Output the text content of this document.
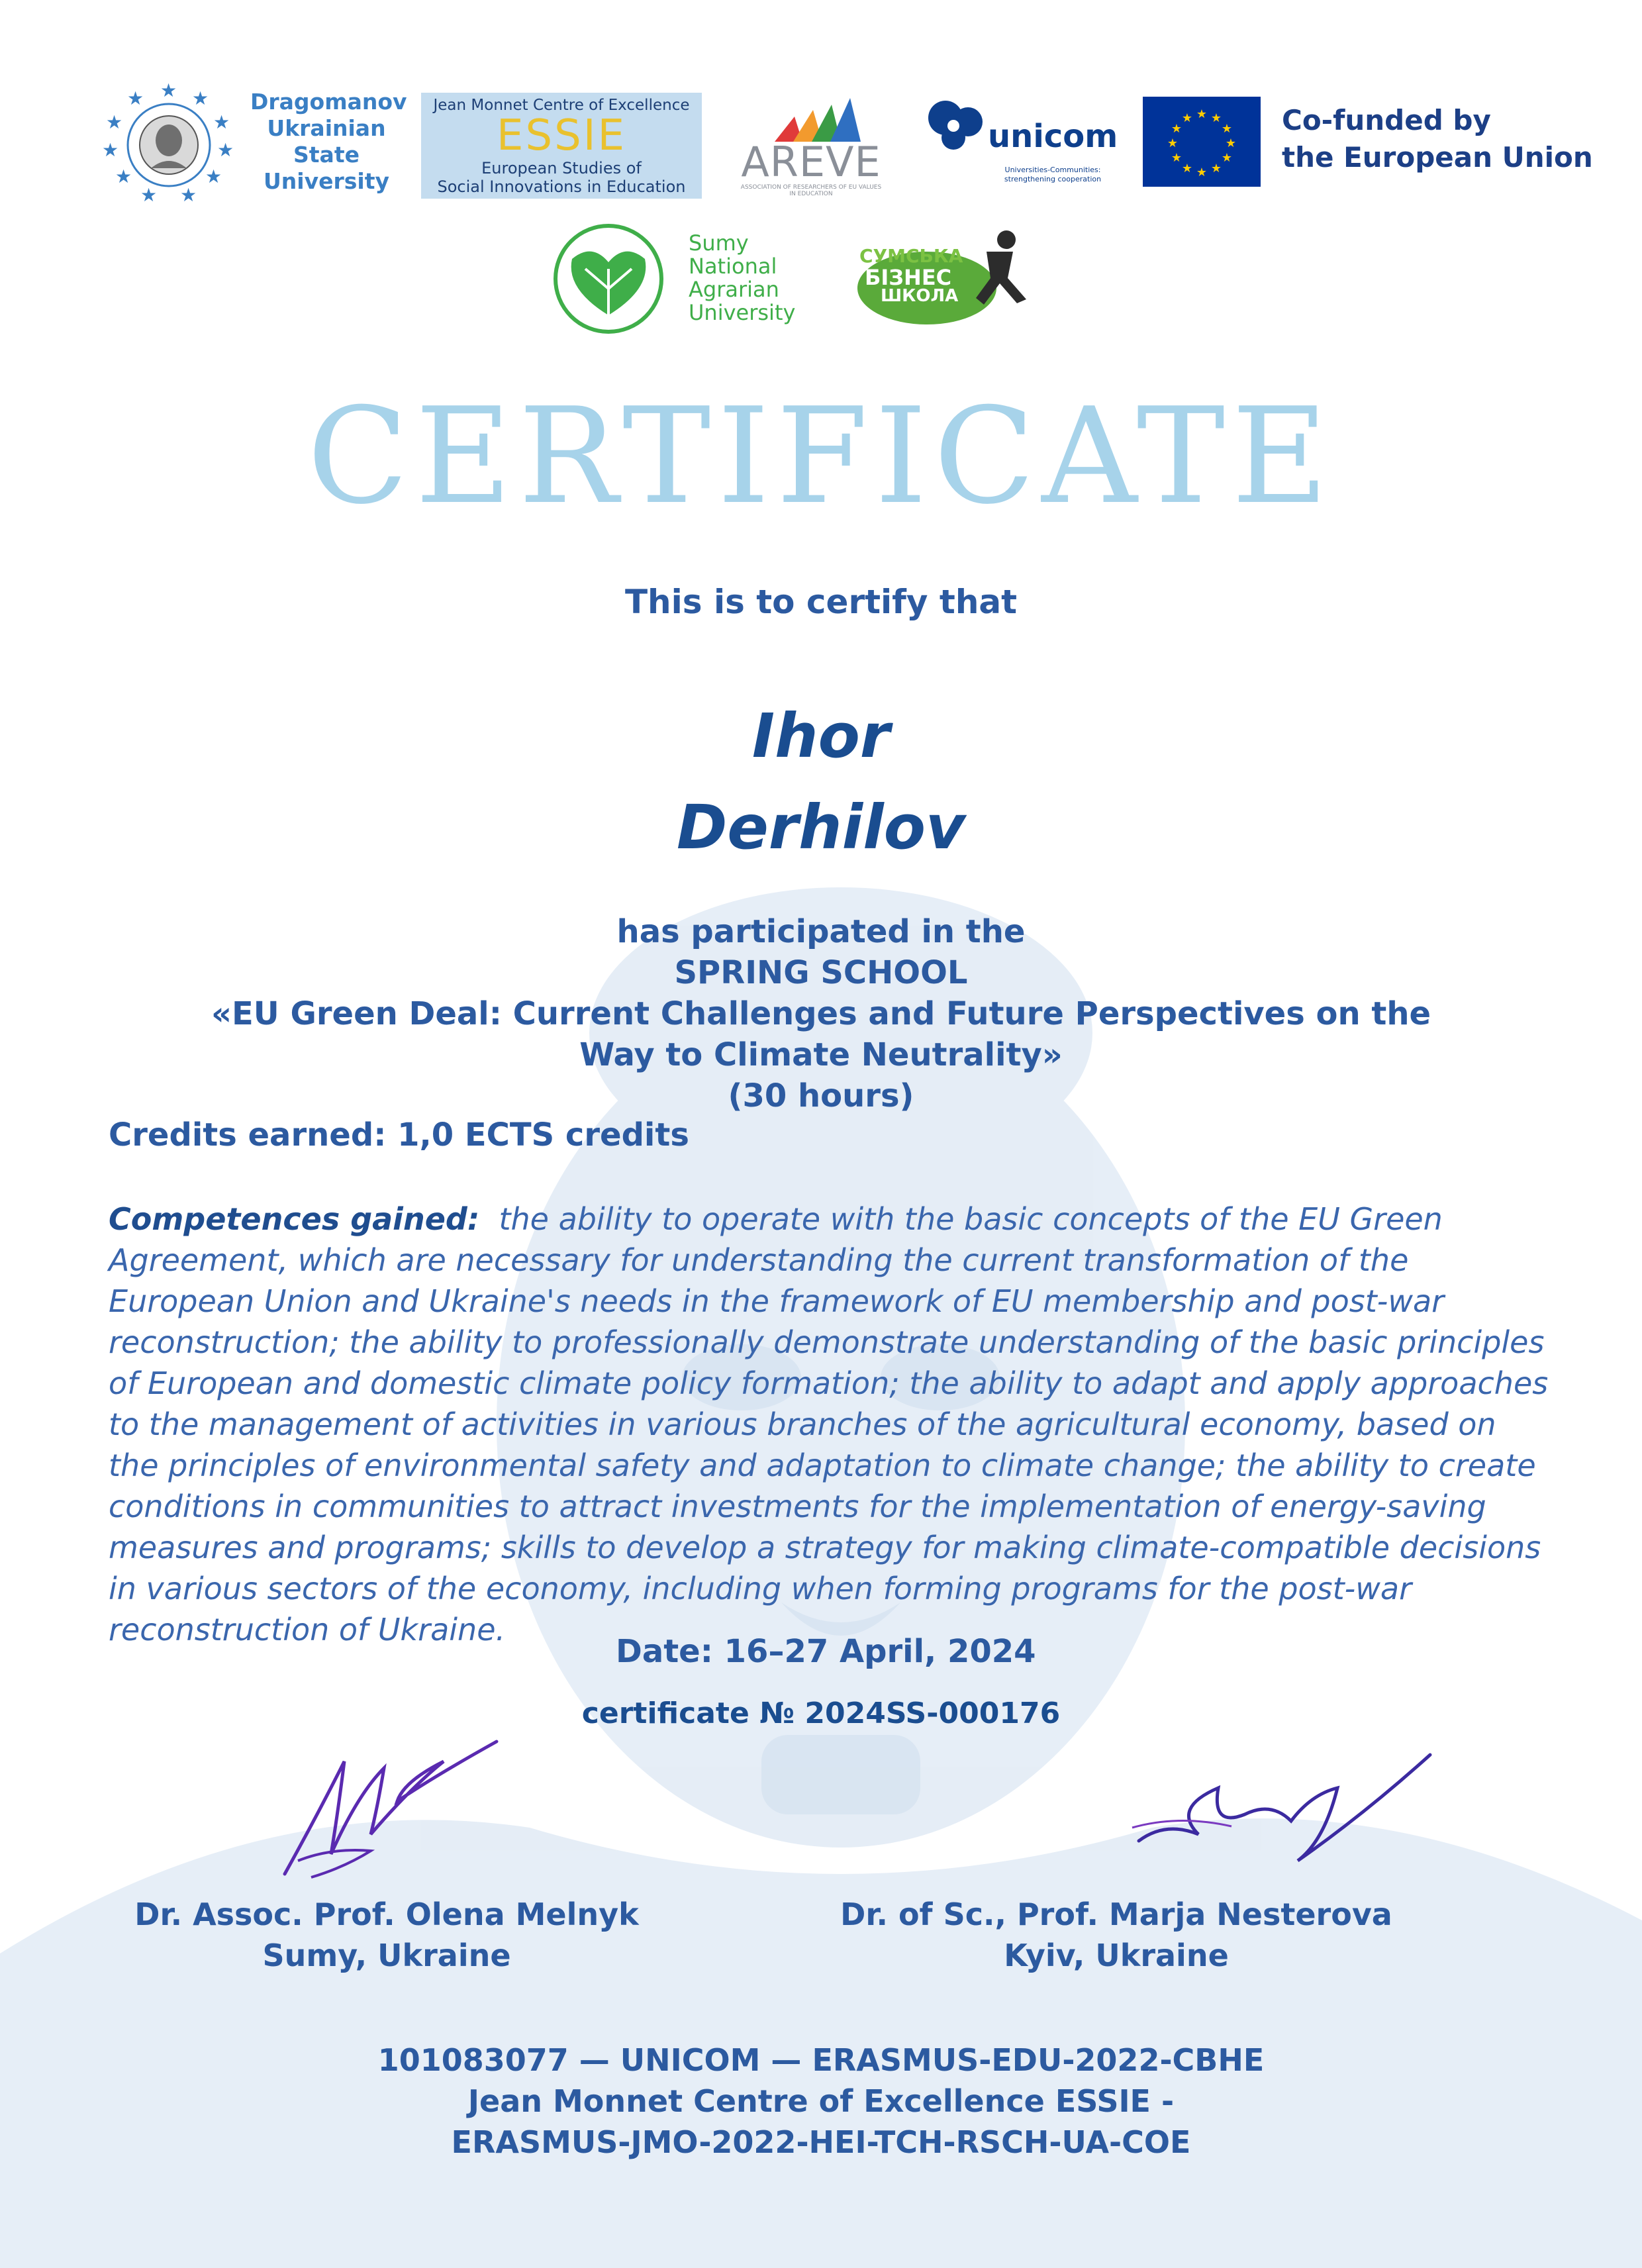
★ ★
★
★
★
★
★
★
★
★
★	Dragomanov
Ukrainian
State
University
Jean Monnet Centre of Excellence
ESSIE
European Studies of
Social Innovations in Education
AREVE
ASSOCIATION OF RESEARCHERS OF EU VALUES IN EDUCATION
unicom
Universities-Communities:
strengthening cooperation
★ ★
★
★
★
★
★
★
★
★
★
★	Co-funded by
the European Union
Sumy
National
Agrarian
University
СУМСЬКА
БІЗНЕС
ШКОЛА
CERTIFICATE
This is to certify that
Ihor
Derhilov
has participated in the
SPRING SCHOOL
«EU Green Deal: Current Challenges and Future Perspectives on the
Way to Climate Neutrality»
(30 hours)
Credits earned: 1,0 ECTS credits
Competences gained: the ability to operate with the basic concepts of the EU Green Agreement, which are necessary for understanding the current transformation of the European Union and Ukraine's needs in the framework of EU membership and post-war reconstruction; the ability to professionally demonstrate understanding of the basic principles of European and domestic climate policy formation; the ability to adapt and apply approaches to the management of activities in various branches of the agricultural economy, based on the principles of environmental safety and adaptation to climate change; the ability to create conditions in communities to attract investments for the implementation of energy-saving measures and programs; skills to develop a strategy for making climate-compatible decisions in various sectors of the economy, including when forming programs for the post-war reconstruction of Ukraine.
Date: 16–27 April, 2024
certificate № 2024SS-000176
Dr. Assoc. Prof. Olena Melnyk
Sumy, Ukraine
Dr. of Sc., Prof. Marja Nesterova
Kyiv, Ukraine
101083077 — UNICOM — ERASMUS-EDU-2022-CBHE
Jean Monnet Centre of Excellence ESSIE -
ERASMUS-JMO-2022-HEI-TCH-RSCH-UA-COE
